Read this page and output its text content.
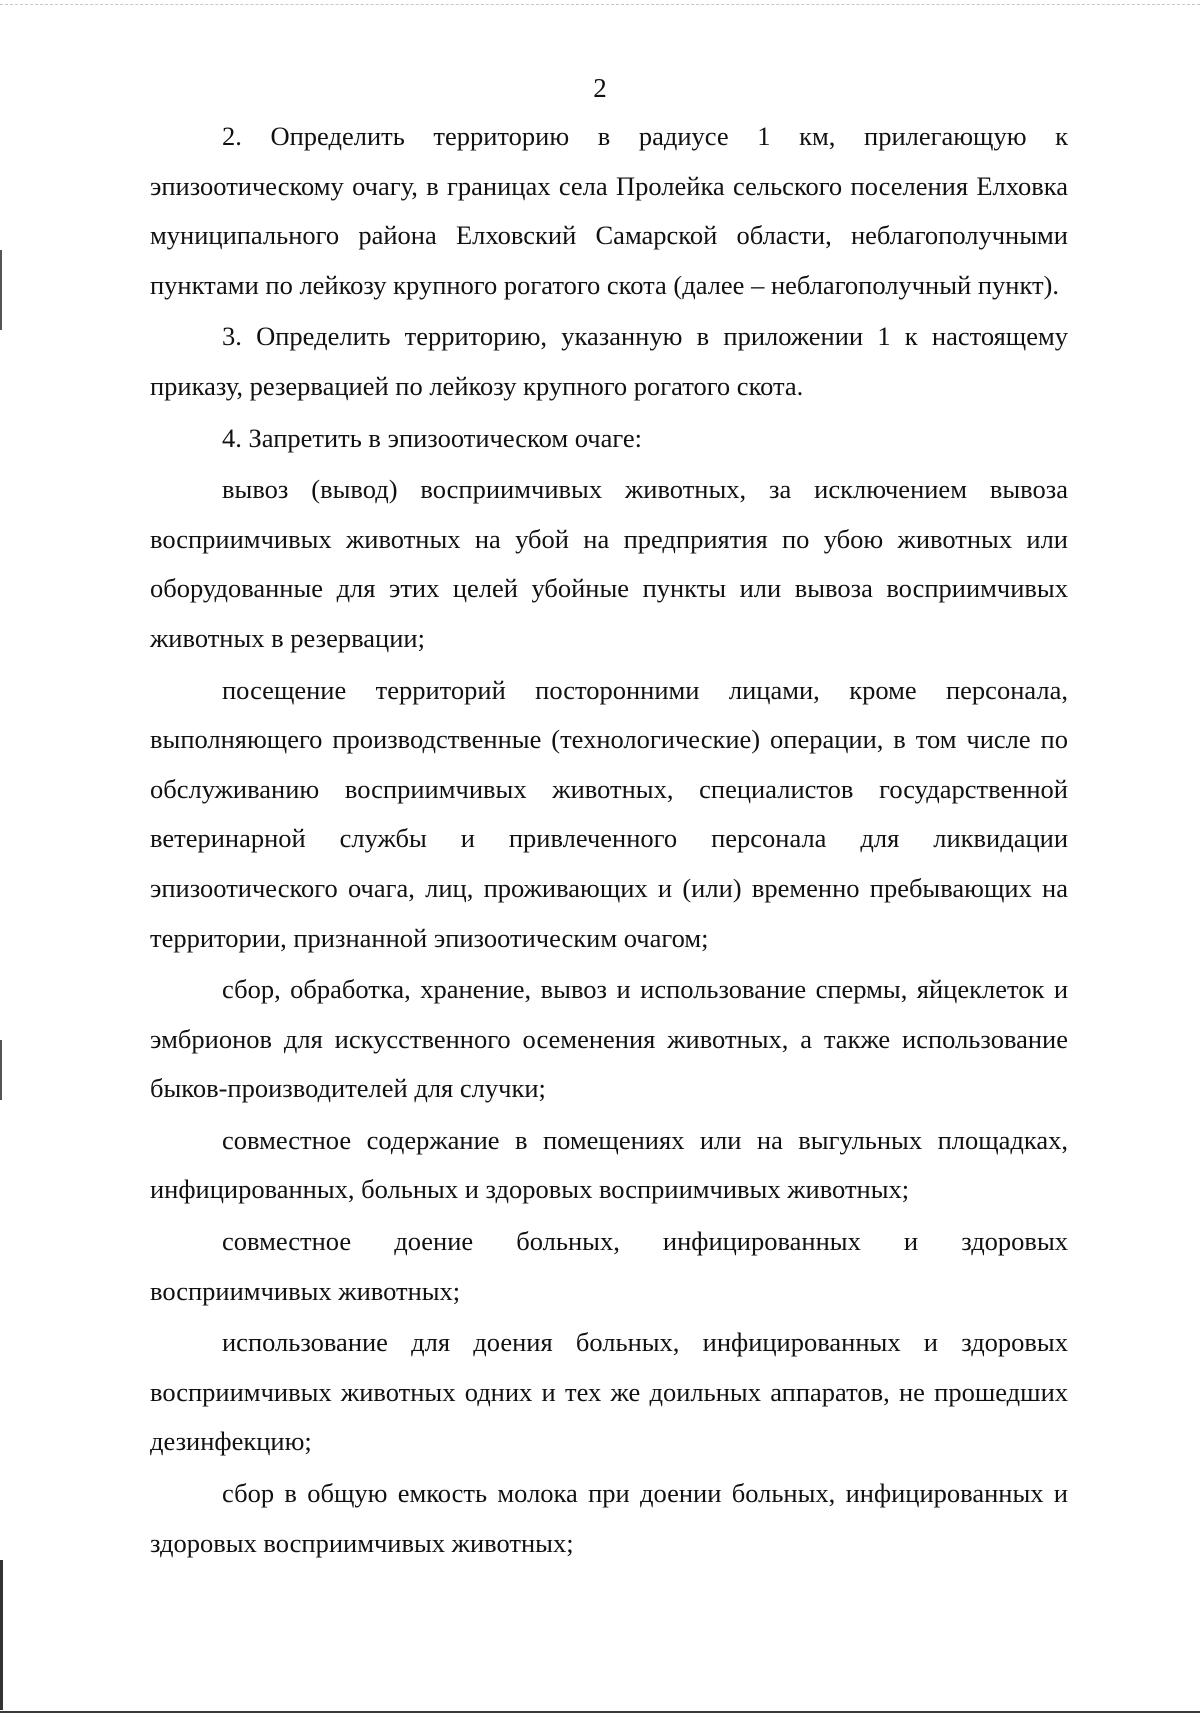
2

2. Определить территорию в радиусе 1 км, прилегающую к эпизоотическому очагу, в границах села Пролейка сельского поселения Елховка муниципального района Елховский Самарской области, неблагополучными пунктами по лейкозу крупного рогатого скота (далее – неблагополучный пункт).

3. Определить территорию, указанную в приложении 1 к настоящему приказу, резервацией по лейкозу крупного рогатого скота.

4. Запретить в эпизоотическом очаге:

вывоз (вывод) восприимчивых животных, за исключением вывоза восприимчивых животных на убой на предприятия по убою животных или оборудованные для этих целей убойные пункты или вывоза восприимчивых животных в резервации;

посещение территорий посторонними лицами, кроме персонала, выполняющего производственные (технологические) операции, в том числе по обслуживанию восприимчивых животных, специалистов государственной ветеринарной службы и привлеченного персонала для ликвидации эпизоотического очага, лиц, проживающих и (или) временно пребывающих на территории, признанной эпизоотическим очагом;

сбор, обработка, хранение, вывоз и использование спермы, яйцеклеток и эмбрионов для искусственного осеменения животных, а также использование быков-производителей для случки;

совместное содержание в помещениях или на выгульных площадках, инфицированных, больных и здоровых восприимчивых животных;

совместное доение больных, инфицированных и здоровых восприимчивых животных;

использование для доения больных, инфицированных и здоровых восприимчивых животных одних и тех же доильных аппаратов, не прошедших дезинфекцию;

сбор в общую емкость молока при доении больных, инфицированных и здоровых восприимчивых животных;
